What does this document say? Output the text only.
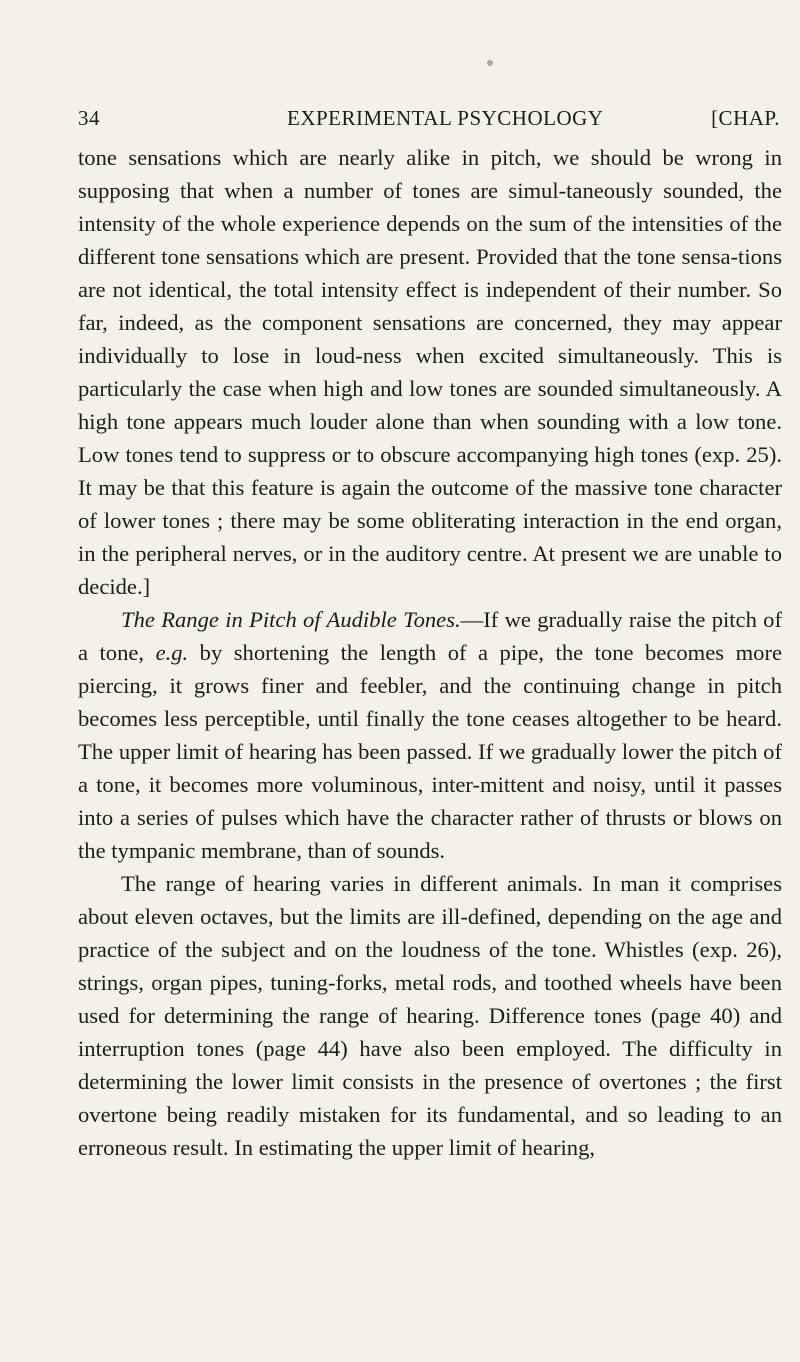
34	EXPERIMENTAL PSYCHOLOGY	[CHAP.

tone sensations which are nearly alike in pitch, we should be wrong in supposing that when a number of tones are simul-taneously sounded, the intensity of the whole experience depends on the sum of the intensities of the different tone sensations which are present. Provided that the tone sensa-tions are not identical, the total intensity effect is independent of their number. So far, indeed, as the component sensations are concerned, they may appear individually to lose in loud-ness when excited simultaneously. This is particularly the case when high and low tones are sounded simultaneously. A high tone appears much louder alone than when sounding with a low tone. Low tones tend to suppress or to obscure accompanying high tones (exp. 25). It may be that this feature is again the outcome of the massive tone character of lower tones ; there may be some obliterating interaction in the end organ, in the peripheral nerves, or in the auditory centre. At present we are unable to decide.]

The Range in Pitch of Audible Tones.—If we gradually raise the pitch of a tone, e.g. by shortening the length of a pipe, the tone becomes more piercing, it grows finer and feebler, and the continuing change in pitch becomes less perceptible, until finally the tone ceases altogether to be heard. The upper limit of hearing has been passed. If we gradually lower the pitch of a tone, it becomes more voluminous, inter-mittent and noisy, until it passes into a series of pulses which have the character rather of thrusts or blows on the tympanic membrane, than of sounds.

The range of hearing varies in different animals. In man it comprises about eleven octaves, but the limits are ill-defined, depending on the age and practice of the subject and on the loudness of the tone. Whistles (exp. 26), strings, organ pipes, tuning-forks, metal rods, and toothed wheels have been used for determining the range of hearing. Difference tones (page 40) and interruption tones (page 44) have also been employed. The difficulty in determining the lower limit consists in the presence of overtones ; the first overtone being readily mistaken for its fundamental, and so leading to an erroneous result. In estimating the upper limit of hearing,
